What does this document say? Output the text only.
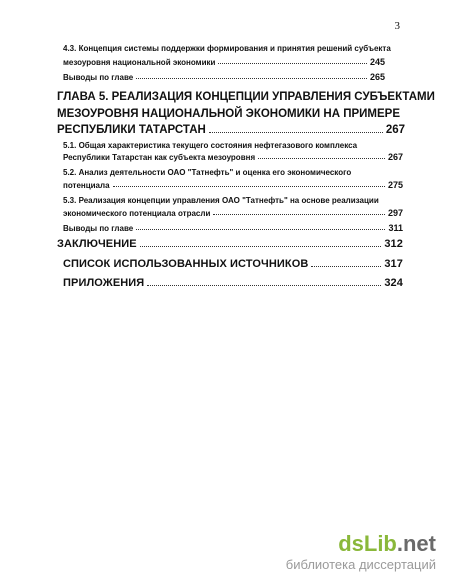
3
4.3. Концепция системы поддержки формирования и принятия решений субъекта
мезоуровня национальной экономики	245
Выводы по главе	265
ГЛАВА 5. РЕАЛИЗАЦИЯ КОНЦЕПЦИИ УПРАВЛЕНИЯ СУБЪЕКТАМИ
МЕЗОУРОВНЯ НАЦИОНАЛЬНОЙ ЭКОНОМИКИ НА ПРИМЕРЕ
РЕСПУБЛИКИ ТАТАРСТАН	267
5.1. Общая характеристика текущего состояния нефтегазового комплекса
Республики Татарстан как субъекта мезоуровня	267
5.2. Анализ деятельности ОАО "Татнефть" и оценка его экономического
потенциала	275
5.3. Реализация концепции управления ОАО "Татнефть" на основе реализации
экономического потенциала отрасли	297
Выводы по главе	311
ЗАКЛЮЧЕНИЕ	312
СПИСОК ИСПОЛЬЗОВАННЫХ ИСТОЧНИКОВ	317
ПРИЛОЖЕНИЯ	324
dsLib.net
библиотека диссертаций
